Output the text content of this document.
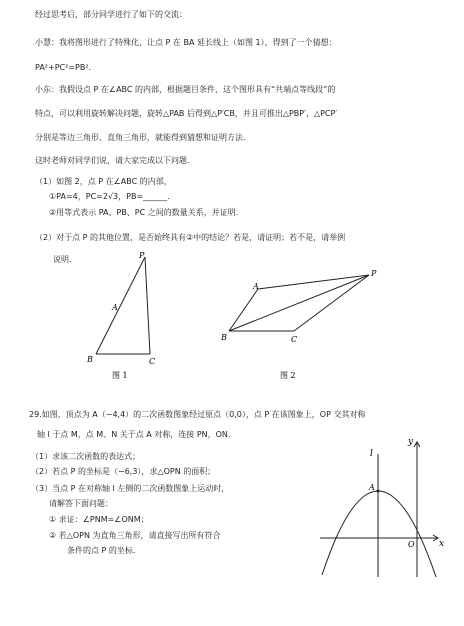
经过思考后，部分同学进行了如下的交流：
小慧：我将图形进行了特殊化，让点 P 在 BA 延长线上（如图 1），得到了一个猜想：
PA²+PC²=PB².
小东：我假设点 P 在∠ABC 的内部，根据题目条件，这个图形具有“共端点等线段”的
特点，可以利用旋转解决问题，旋转△PAB 后得到△P′CB，并且可推出△PBP′，△PCP′
分别是等边三角形、直角三角形，就能得到猜想和证明方法.
这时老师对同学们说，请大家完成以下问题.
（1）如图 2，点 P 在∠ABC 的内部，
①PA=4，PC=2√3，PB=______.
②用等式表示 PA、PB、PC 之间的数量关系，并证明.
（2）对于点 P 的其他位置，是否始终具有②中的结论？若是，请证明；若不是，请举例
说明.	P
A
B	C
图 1
P
A
B	C
图 2
29.如图，顶点为 A（−4,4）的二次函数图象经过原点（0,0），点 P 在该图象上，OP 交其对称
轴 l 于点 M，点 M、N 关于点 A 对称，连接 PN，ON.
（1）求该二次函数的表达式；
（2）若点 P 的坐标是（−6,3），求△OPN 的面积；
（3）当点 P 在对称轴 l 左侧的二次函数图象上运动时，
请解答下面问题：
① 求证：∠PNM=∠ONM；
② 若△OPN 为直角三角形，请直接写出所有符合
条件的点 P 的坐标.
l
y
A
O	x
